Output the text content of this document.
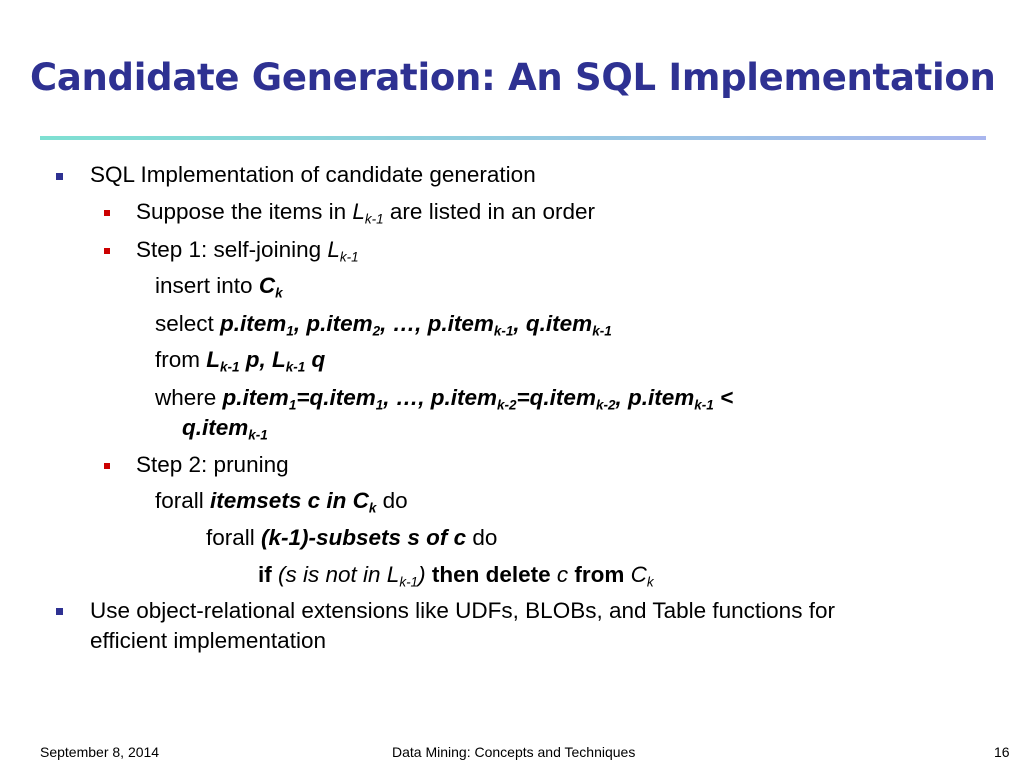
Candidate Generation: An SQL Implementation
SQL Implementation of candidate generation
Suppose the items in $L_{k-1}$ are listed in an order
Step 1: self-joining $L_{k-1}$
insert into $C_k$
select p.item$_1$, p.item$_2$, …, p.item$_{k-1}$, q.item$_{k-1}$
from $L_{k-1}$ p, $L_{k-1}$ q
where p.item$_1$=q.item$_1$, …, p.item$_{k-2}$=q.item$_{k-2}$, p.item$_{k-1}$ <
q.item$_{k-1}$
Step 2: pruning
forall itemsets c in $C_k$ do
forall (k-1)-subsets s of c do
if (s is not in $L_{k-1}$) then delete c from $C_k$
Use object-relational extensions like UDFs, BLOBs, and Table functions for
efficient implementation
September 8, 2014	Data Mining: Concepts and Techniques	16
